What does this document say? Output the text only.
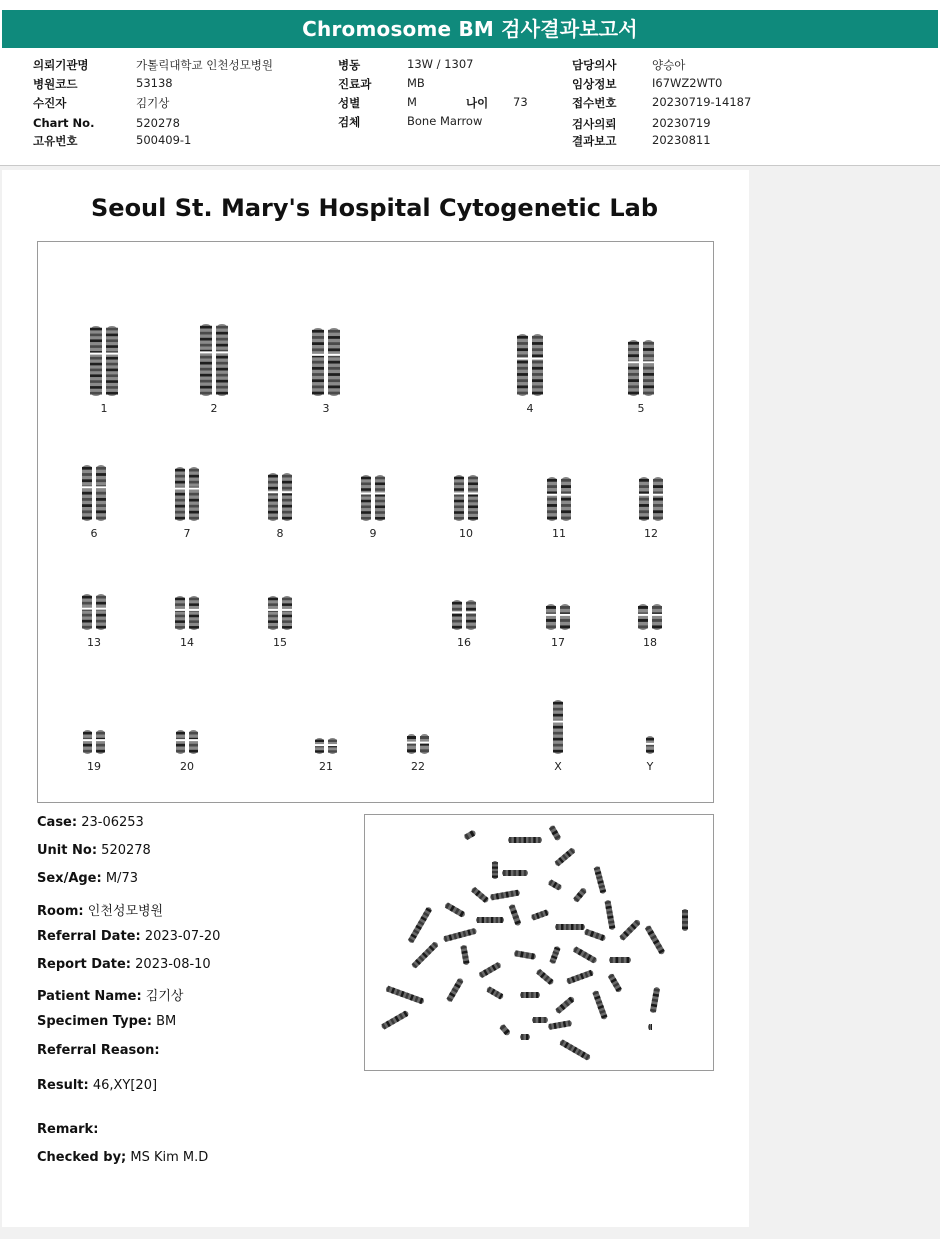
Chromosome BM 검사결과보고서
의뢰기관명	가톨릭대학교 인천성모병원
병원코드	53138
수진자	김기상
Chart No.	520278
고유번호	500409-1
병동	13W / 1307
진료과	MB
성별	M	나이 73
검체	Bone Marrow
담당의사	양승아
임상정보	I67WZ2WT0
접수번호	20230719-14187
검사의뢰	20230719
결과보고	20230811
Seoul St. Mary's Hospital Cytogenetic Lab
1	2	3	4	5
6	7	8	9	10	11	12
13	14	15	16	17	18
19	20	21	22	X	Y
Case: 23-06253
Unit No: 520278
Sex/Age: M/73
Room: 인천성모병원
Referral Date: 2023-07-20
Report Date: 2023-08-10
Patient Name: 김기상
Specimen Type: BM
Referral Reason:
Result: 46,XY[20]
Remark:
Checked by; MS Kim M.D
